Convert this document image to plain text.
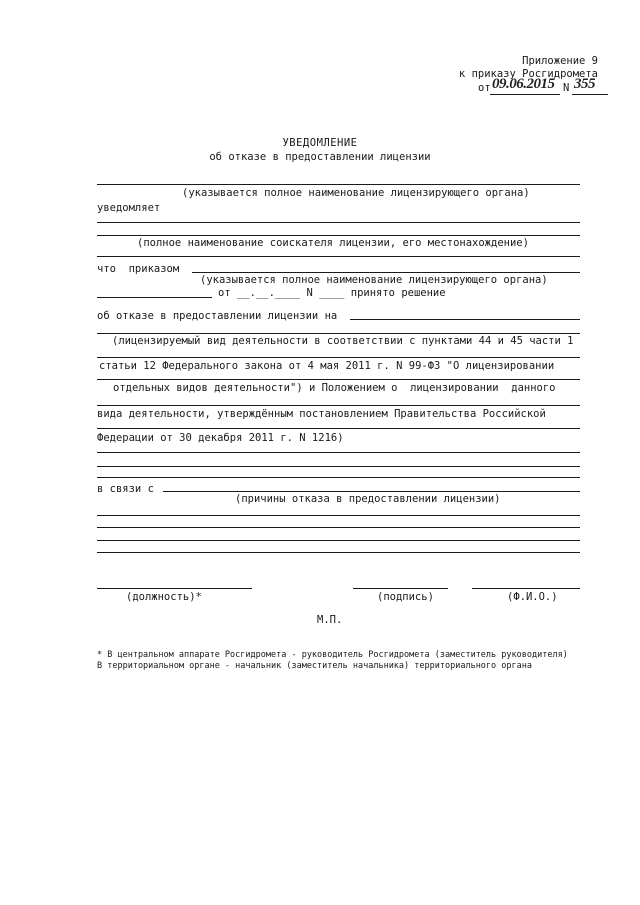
Приложение 9
к приказу Росгидромета
от 09.06.2015 N 355
УВЕДОМЛЕНИЕ
об отказе в предоставлении лицензии
(указывается полное наименование лицензирующего органа)
уведомляет
(полное наименование соискателя лицензии, его местонахождение)
что  приказом
(указывается полное наименование лицензирующего органа)
от __.__.____ N ____ принято решение
об отказе в предоставлении лицензии на
(лицензируемый вид деятельности в соответствии с пунктами 44 и 45 части 1
статьи 12 Федерального закона от 4 мая 2011 г. N 99-ФЗ "О лицензировании
отдельных видов деятельности") и Положением о  лицензировании  данного
вида деятельности, утверждённым постановлением Правительства Российской
Федерации от 30 декабря 2011 г. N 1216)
в связи с
(причины отказа в предоставлении лицензии)
(должность)*	(подпись)	(Ф.И.О.)
М.П.
* В центральном аппарате Росгидромета - руководитель Росгидромета (заместитель руководителя)
В территориальном органе - начальник (заместитель начальника) территориального органа
